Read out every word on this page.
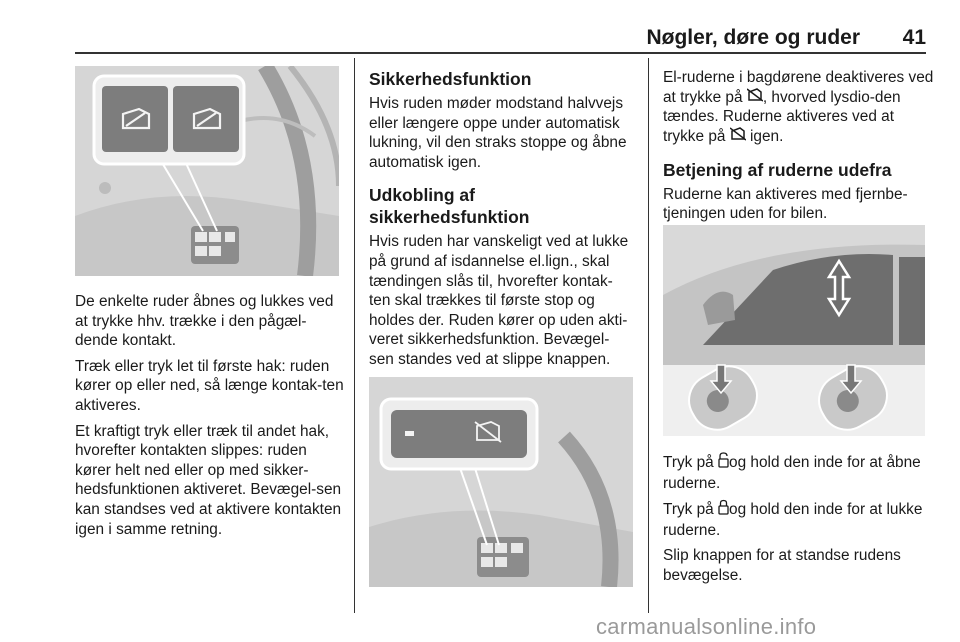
Nøgler, døre og ruder 41

De enkelte ruder åbnes og lukkes ved at trykke hhv. trække i den pågæl-dende kontakt.

Træk eller tryk let til første hak: ruden kører op eller ned, så længe kontak-ten aktiveres.

Et kraftigt tryk eller træk til andet hak, hvorefter kontakten slippes: ruden kører helt ned eller op med sikker-hedsfunktionen aktiveret. Bevægel-sen kan standses ved at aktivere kontakten igen i samme retning.

Sikkerhedsfunktion

Hvis ruden møder modstand halvvejs eller længere oppe under automatisk lukning, vil den straks stoppe og åbne automatisk igen.

Udkobling af sikkerhedsfunktion

Hvis ruden har vanskeligt ved at lukke på grund af isdannelse el.lign., skal tændingen slås til, hvorefter kontak-ten skal trækkes til første stop og holdes der. Ruden kører op uden akti-veret sikkerhedsfunktion. Bevægel-sen standes ved at slippe knappen.

El-ruderne i bagdørene deaktiveres ved at trykke på , hvorved lysdio-den tændes. Ruderne aktiveres ved at trykke på igen.

Betjening af ruderne udefra

Ruderne kan aktiveres med fjernbe-tjeningen uden for bilen.

Tryk på og hold den inde for at åbne ruderne.

Tryk på og hold den inde for at lukke ruderne.

Slip knappen for at standse rudens bevægelse.

carmanualsonline.info
